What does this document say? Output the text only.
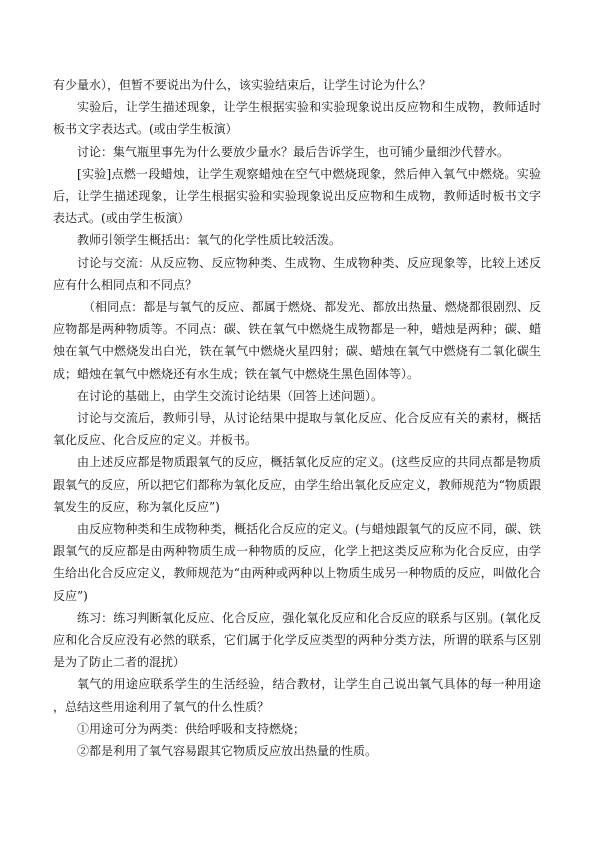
有少量水），但暂不要说出为什么，该实验结束后，让学生讨论为什么？

实验后，让学生描述现象，让学生根据实验和实验现象说出反应物和生成物，教师适时板书文字表达式。(或由学生板演）

讨论：集气瓶里事先为什么要放少量水？最后告诉学生，也可铺少量细沙代替水。

[实验]点燃一段蜡烛，让学生观察蜡烛在空气中燃烧现象，然后伸入氧气中燃烧。实验后，让学生描述现象，让学生根据实验和实验现象说出反应物和生成物，教师适时板书文字表达式。(或由学生板演）

教师引领学生概括出：氧气的化学性质比较活泼。

讨论与交流：从反应物、反应物种类、生成物、生成物种类、反应现象等，比较上述反应有什么相同点和不同点？

（相同点：都是与氧气的反应、都属于燃烧、都发光、都放出热量、燃烧都很剧烈、反应物都是两种物质等。不同点：碳、铁在氧气中燃烧生成物都是一种，蜡烛是两种；碳、蜡烛在氧气中燃烧发出白光，铁在氧气中燃烧火星四射；碳、蜡烛在氧气中燃烧有二氧化碳生成；蜡烛在氧气中燃烧还有水生成；铁在氧气中燃烧生黑色固体等）。

在讨论的基础上，由学生交流讨论结果（回答上述问题）。

讨论与交流后，教师引导，从讨论结果中提取与氧化反应、化合反应有关的素材，概括氧化反应、化合反应的定义。并板书。

由上述反应都是物质跟氧气的反应，概括氧化反应的定义。(这些反应的共同点都是物质跟氧气的反应，所以把它们都称为氧化反应，由学生给出氧化反应定义，教师规范为“物质跟氧发生的反应，称为氧化反应”)

由反应物种类和生成物种类，概括化合反应的定义。(与蜡烛跟氧气的反应不同，碳、铁跟氧气的反应都是由两种物质生成一种物质的反应，化学上把这类反应称为化合反应，由学生给出化合反应定义，教师规范为“由两种或两种以上物质生成另一种物质的反应，叫做化合反应”)

练习：练习判断氧化反应、化合反应，强化氧化反应和化合反应的联系与区别。(氧化反应和化合反应没有必然的联系，它们属于化学反应类型的两种分类方法，所谓的联系与区别是为了防止二者的混扰）

氧气的用途应联系学生的生活经验，结合教材，让学生自己说出氧气具体的每一种用途，总结这些用途利用了氧气的什么性质？

①用途可分为两类：供给呼吸和支持燃烧；

②都是利用了氧气容易跟其它物质反应放出热量的性质。
